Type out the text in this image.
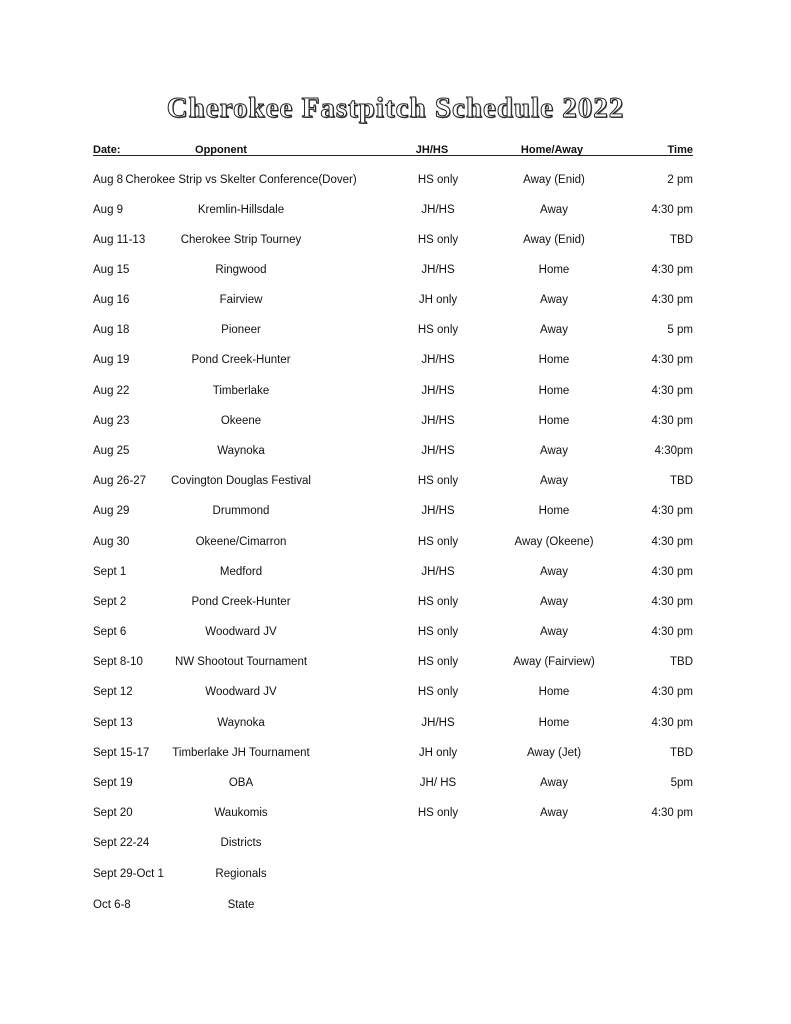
Cherokee Fastpitch Schedule 2022
Date:	Opponent	JH/HS	Home/Away	Time
Aug 8 Cherokee Strip vs Skelter Conference(Dover)	HS only	Away (Enid)	2 pm
Aug 9	Kremlin-Hillsdale	JH/HS	Away	4:30 pm
Aug 11-13	Cherokee Strip Tourney	HS only	Away (Enid)	TBD
Aug 15	Ringwood	JH/HS	Home	4:30 pm
Aug 16	Fairview	JH only	Away	4:30 pm
Aug 18	Pioneer	HS only	Away	5 pm
Aug 19	Pond Creek-Hunter	JH/HS	Home	4:30 pm
Aug 22	Timberlake	JH/HS	Home	4:30 pm
Aug 23	Okeene	JH/HS	Home	4:30 pm
Aug 25	Waynoka	JH/HS	Away	4:30pm
Aug 26-27 Covington Douglas Festival	HS only	Away	TBD
Aug 29	Drummond	JH/HS	Home	4:30 pm
Aug 30	Okeene/Cimarron	HS only	Away (Okeene)	4:30 pm
Sept 1	Medford	JH/HS	Away	4:30 pm
Sept 2	Pond Creek-Hunter	HS only	Away	4:30 pm
Sept 6	Woodward JV	HS only	Away	4:30 pm
Sept 8-10	NW Shootout Tournament	HS only	Away (Fairview)	TBD
Sept 12	Woodward JV	HS only	Home	4:30 pm
Sept 13	Waynoka	JH/HS	Home	4:30 pm
Sept 15-17 Timberlake JH Tournament	JH only	Away (Jet)	TBD
Sept 19	OBA	JH/ HS	Away	5pm
Sept 20	Waukomis	HS only	Away	4:30 pm
Sept 22-24	Districts
Sept 29-Oct 1	Regionals
Oct 6-8	State
